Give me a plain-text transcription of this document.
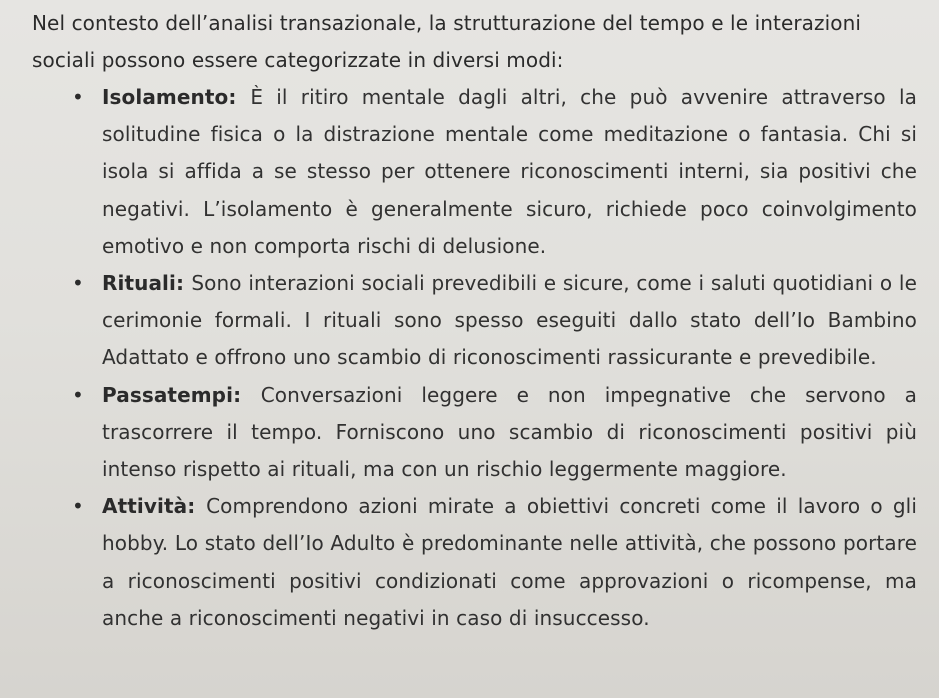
Nel contesto dell’analisi transazionale, la strutturazione del tempo e le interazioni sociali possono essere categorizzate in diversi modi:

• Isolamento: È il ritiro mentale dagli altri, che può avvenire attraverso la solitudine fisica o la distrazione mentale come meditazione o fantasia. Chi si isola si affida a se stesso per ottenere riconoscimenti interni, sia positivi che negativi. L’isolamento è generalmente sicuro, richiede poco coinvolgimento emotivo e non comporta rischi di delusione.
• Rituali: Sono interazioni sociali prevedibili e sicure, come i saluti quotidiani o le cerimonie formali. I rituali sono spesso eseguiti dallo stato dell’Io Bambino Adattato e offrono uno scambio di riconoscimenti rassicurante e prevedibile.
• Passatempi: Conversazioni leggere e non impegnative che servono a trascorrere il tempo. Forniscono uno scambio di riconoscimenti positivi più intenso rispetto ai rituali, ma con un rischio leggermente maggiore.
• Attività: Comprendono azioni mirate a obiettivi concreti come il lavoro o gli hobby. Lo stato dell’Io Adulto è predominante nelle attività, che possono portare a riconoscimenti positivi condizionati come approvazioni o ricompense, ma anche a riconoscimenti negativi in caso di insuccesso.
